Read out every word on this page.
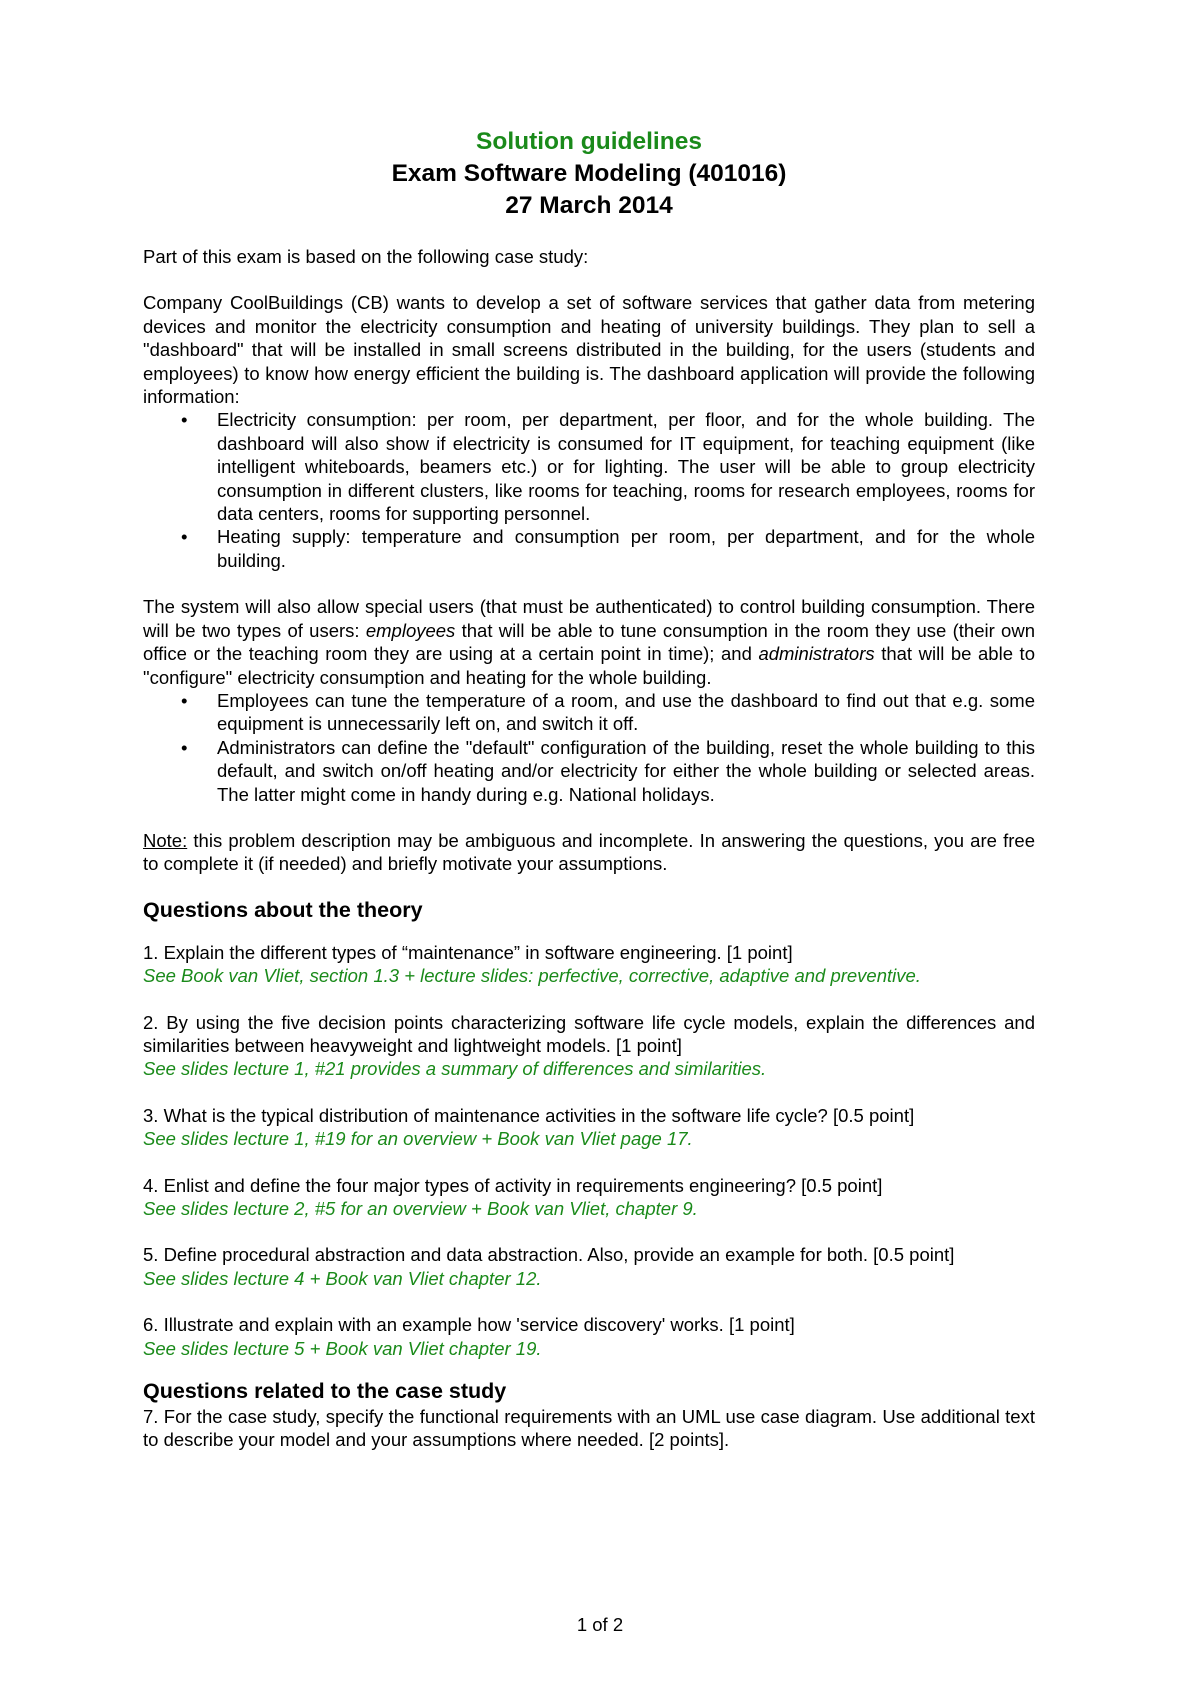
Solution guidelines
Exam Software Modeling (401016)
27 March 2014

Part of this exam is based on the following case study:

Company CoolBuildings (CB) wants to develop a set of software services that gather data from metering devices and monitor the electricity consumption and heating of university buildings. They plan to sell a "dashboard" that will be installed in small screens distributed in the building, for the users (students and employees) to know how energy efficient the building is. The dashboard application will provide the following information:

• Electricity consumption: per room, per department, per floor, and for the whole building. The dashboard will also show if electricity is consumed for IT equipment, for teaching equipment (like intelligent whiteboards, beamers etc.) or for lighting. The user will be able to group electricity consumption in different clusters, like rooms for teaching, rooms for research employees, rooms for data centers, rooms for supporting personnel.
• Heating supply: temperature and consumption per room, per department, and for the whole building.

The system will also allow special users (that must be authenticated) to control building consumption. There will be two types of users: employees that will be able to tune consumption in the room they use (their own office or the teaching room they are using at a certain point in time); and administrators that will be able to "configure" electricity consumption and heating for the whole building.

• Employees can tune the temperature of a room, and use the dashboard to find out that e.g. some equipment is unnecessarily left on, and switch it off.
• Administrators can define the "default" configuration of the building, reset the whole building to this default, and switch on/off heating and/or electricity for either the whole building or selected areas. The latter might come in handy during e.g. National holidays.

Note: this problem description may be ambiguous and incomplete. In answering the questions, you are free to complete it (if needed) and briefly motivate your assumptions.

Questions about the theory

1. Explain the different types of “maintenance” in software engineering. [1 point]

See Book van Vliet, section 1.3 + lecture slides: perfective, corrective, adaptive and preventive.

2. By using the five decision points characterizing software life cycle models, explain the differences and similarities between heavyweight and lightweight models. [1 point]

See slides lecture 1, #21 provides a summary of differences and similarities.

3. What is the typical distribution of maintenance activities in the software life cycle? [0.5 point]

See slides lecture 1, #19 for an overview + Book van Vliet page 17.

4. Enlist and define the four major types of activity in requirements engineering? [0.5 point]

See slides lecture 2, #5 for an overview + Book van Vliet, chapter 9.

5. Define procedural abstraction and data abstraction. Also, provide an example for both. [0.5 point]

See slides lecture 4 + Book van Vliet chapter 12.

6. Illustrate and explain with an example how 'service discovery' works. [1 point]

See slides lecture 5 + Book van Vliet chapter 19.

Questions related to the case study

7. For the case study, specify the functional requirements with an UML use case diagram. Use additional text to describe your model and your assumptions where needed. [2 points].

1 of 2
